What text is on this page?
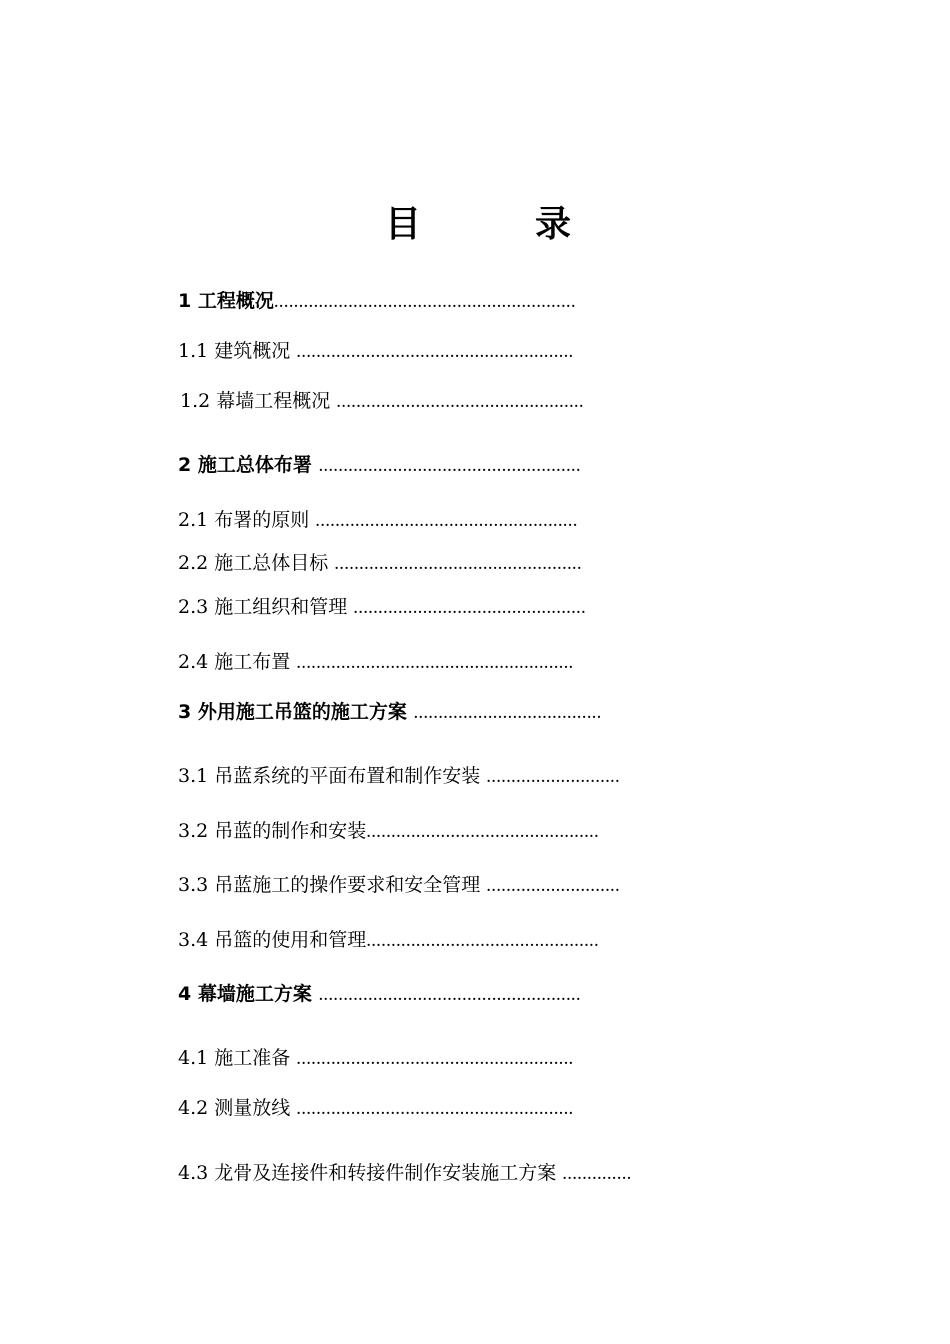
目	录
1 工程概况.............................................................
1.1 建筑概况 ........................................................
1.2 幕墙工程概况 ..................................................
2 施工总体布署 .....................................................
2.1 布署的原则 .....................................................
2.2 施工总体目标 ..................................................
2.3 施工组织和管理 ...............................................
2.4 施工布置 ........................................................
3 外用施工吊篮的施工方案 ......................................
3.1 吊蓝系统的平面布置和制作安装 ...........................
3.2 吊蓝的制作和安装...............................................
3.3 吊蓝施工的操作要求和安全管理 ...........................
3.4 吊篮的使用和管理...............................................
4 幕墙施工方案 .....................................................
4.1 施工准备 ........................................................
4.2 测量放线 ........................................................
4.3 龙骨及连接件和转接件制作安装施工方案 ..............
